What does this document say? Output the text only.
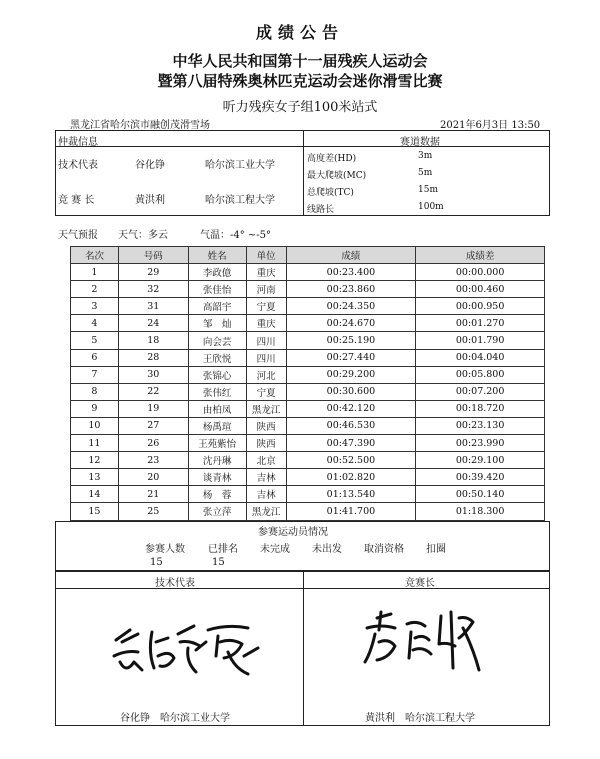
成绩公告
中华人民共和国第十一届残疾人运动会
暨第八届特殊奥林匹克运动会迷你滑雪比赛
听力残疾女子组100米站式
黑龙江省哈尔滨市融创茂滑雪场	2021年6月3日 13:50
仲裁信息	赛道数据
技术代表	谷化铮	哈尔滨工业大学
竞 赛 长	黄洪利	哈尔滨工程大学
高度差(HD)	3m
最大爬坡(MC)	5m
总爬坡(TC)	15m
线路长	100m
天气预报 天气：多云	气温：-4° ~-5°
名次	号码	姓名	单位	成绩	成绩差
1	29	李政億	重庆	00:23.400	00:00.000
2	32	张佳怡	河南	00:23.860	00:00.460
3	31	高韶宇	宁夏	00:24.350	00:00.950
4	24	邹　灿	重庆	00:24.670	00:01.270
5	18	向会芸	四川	00:25.190	00:01.790
6	28	王欣悦	四川	00:27.440	00:04.040
7	30	张锦心	河北	00:29.200	00:05.800
8	22	张伟红	宁夏	00:30.600	00:07.200
9	19	由柏凤	黑龙江	00:42.120	00:18.720
10	27	杨禹瑄	陕西	00:46.530	00:23.130
11	26	王苑紫怡	陕西	00:47.390	00:23.990
12	23	沈丹琳	北京	00:52.500	00:29.100
13	20	谈青林	吉林	01:02.820	00:39.420
14	21	杨　蓉	吉林	01:13.540	00:50.140
15	25	张立萍	黑龙江	01:41.700	01:18.300
参赛运动员情况
参赛人数 已排名 未完成 未出发 取消资格 扣圈
15	15
技术代表	竞赛长
谷化铮　哈尔滨工业大学	黄洪利　哈尔滨工程大学
